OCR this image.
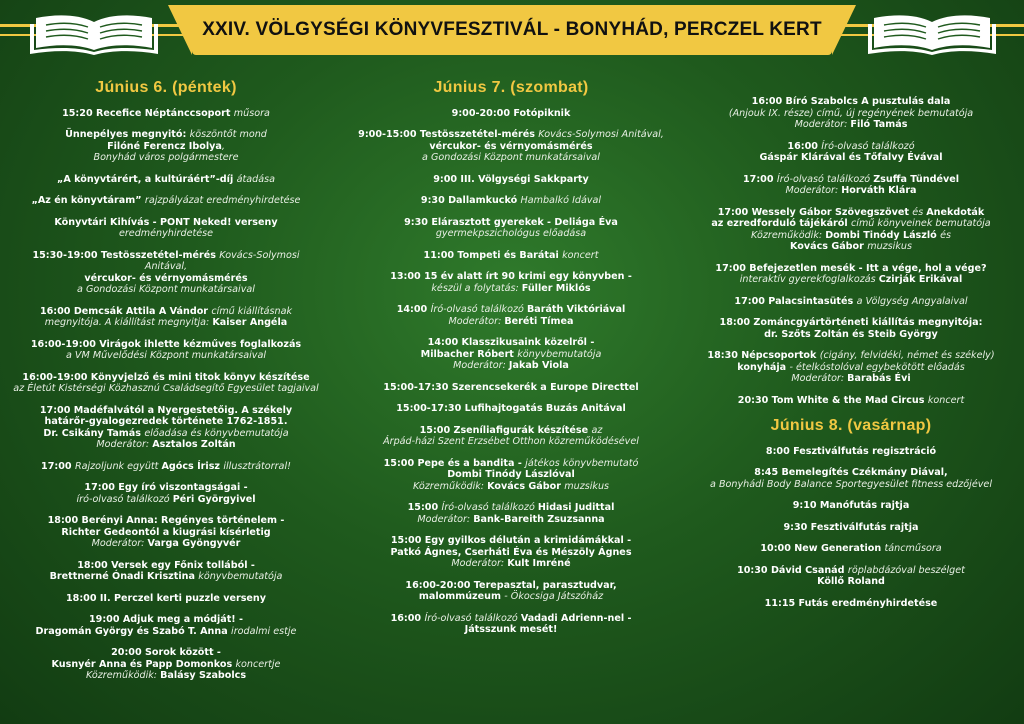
XXIV. VÖLGYSÉGI KÖNYVFESZTIVÁL - BONYHÁD, PERCZEL KERT
Június 6. (péntek)
15:20 Recefice Néptánccsoport műsora
Ünnepélyes megnyitó: köszöntőt mond
Filóné Ferencz Ibolya,
Bonyhád város polgármestere
„A könyvtárért, a kultúráért”-díj átadása
„Az én könyvtáram” rajzpályázat eredményhirdetése
Könyvtári Kihívás - PONT Neked! verseny
eredményhirdetése
15:30-19:00 Testösszetétel-mérés Kovács-Solymosi Anitával,
vércukor- és vérnyomásmérés
a Gondozási Központ munkatársaival
16:00 Demcsák Attila A Vándor című kiállításnak
megnyitója. A kiállítást megnyitja: Kaiser Angéla
16:00-19:00 Virágok ihlette kézműves foglalkozás
a VM Művelődési Központ munkatársaival
16:00-19:00 Könyvjelző és mini titok könyv készítése
az Életút Kistérségi Közhasznú Családsegítő Egyesület tagjaival
17:00 Madéfalvától a Nyergestetőig. A székely
határőr-gyalogezredek története 1762-1851.
Dr. Csikány Tamás előadása és könyvbemutatója
Moderátor: Asztalos Zoltán
17:00 Rajzoljunk együtt Agócs Írisz illusztrátorral!
17:00 Egy író viszontagságai -
író-olvasó találkozó Péri Györgyivel
18:00 Berényi Anna: Regényes történelem -
Richter Gedeontól a kiugrási kísérletig
Moderátor: Varga Gyöngyvér
18:00 Versek egy Főnix tollából -
Brettnerné Ónadi Krisztina könyvbemutatója
18:00 II. Perczel kerti puzzle verseny
19:00 Adjuk meg a módját! -
Dragomán György és Szabó T. Anna irodalmi estje
20:00 Sorok között -
Kusnyér Anna és Papp Domonkos koncertje
Közreműködik: Balásy Szabolcs
Június 7. (szombat)
9:00-20:00 Fotópiknik
9:00-15:00 Testösszetétel-mérés Kovács-Solymosi Anitával,
vércukor- és vérnyomásmérés
a Gondozási Központ munkatársaival
9:00 III. Völgységi Sakkparty
9:30 Dallamkuckó Hambalkó Idával
9:30 Elárasztott gyerekek - Deliága Éva
gyermekpszichológus előadása
11:00 Tompeti és Barátai koncert
13:00 15 év alatt írt 90 krimi egy könyvben -
készül a folytatás: Füller Miklós
14:00 Író-olvasó találkozó Baráth Viktóriával
Moderátor: Beréti Tímea
14:00 Klasszikusaink közelről -
Milbacher Róbert könyvbemutatója
Moderátor: Jakab Viola
15:00-17:30 Szerencsekerék a Europe Directtel
15:00-17:30 Lufihajtogatás Buzás Anitával
15:00 Zseníliafigurák készítése az
Árpád-házi Szent Erzsébet Otthon közreműködésével
15:00 Pepe és a bandita - játékos könyvbemutató
Dombi Tinódy Lászlóval
Közreműködik: Kovács Gábor muzsikus
15:00 Író-olvasó találkozó Hidasi Judittal
Moderátor: Bank-Bareith Zsuzsanna
15:00 Egy gyilkos délután a krimidámákkal -
Patkó Ágnes, Cserháti Éva és Mészöly Ágnes
Moderátor: Kult Imréné
16:00-20:00 Terepasztal, parasztudvar,
malommúzeum - Ökocsiga Játszóház
16:00 Író-olvasó találkozó Vadadi Adrienn-nel -
Játsszunk mesét!
16:00 Bíró Szabolcs A pusztulás dala
(Anjouk IX. része) című, új regényének bemutatója
Moderátor: Filó Tamás
16:00 Író-olvasó találkozó
Gáspár Klárával és Tőfalvy Évával
17:00 Író-olvasó találkozó Zsuffa Tündével
Moderátor: Horváth Klára
17:00 Wessely Gábor Szövegszövet és Anekdoták
az ezredforduló tájékáról című könyveinek bemutatója
Közreműködik: Dombi Tinódy László és
Kovács Gábor muzsikus
17:00 Befejezetlen mesék - Itt a vége, hol a vége?
interaktív gyerekfoglalkozás Czirják Erikával
17:00 Palacsintasütés a Völgység Angyalaival
18:00 Zománcgyártörténeti kiállítás megnyitója:
dr. Szőts Zoltán és Steib György
18:30 Népcsoportok (cigány, felvidéki, német és székely)
konyhája - ételkóstolóval egybekötött előadás
Moderátor: Barabás Évi
20:30 Tom White & the Mad Circus koncert
Június 8. (vasárnap)
8:00 Fesztiválfutás regisztráció
8:45 Bemelegítés Czékmány Diával,
a Bonyhádi Body Balance Sportegyesület fitness edzőjével
9:10 Manófutás rajtja
9:30 Fesztiválfutás rajtja
10:00 New Generation táncműsora
10:30 Dávid Csanád röplabdázóval beszélget
Köllő Roland
11:15 Futás eredményhirdetése
